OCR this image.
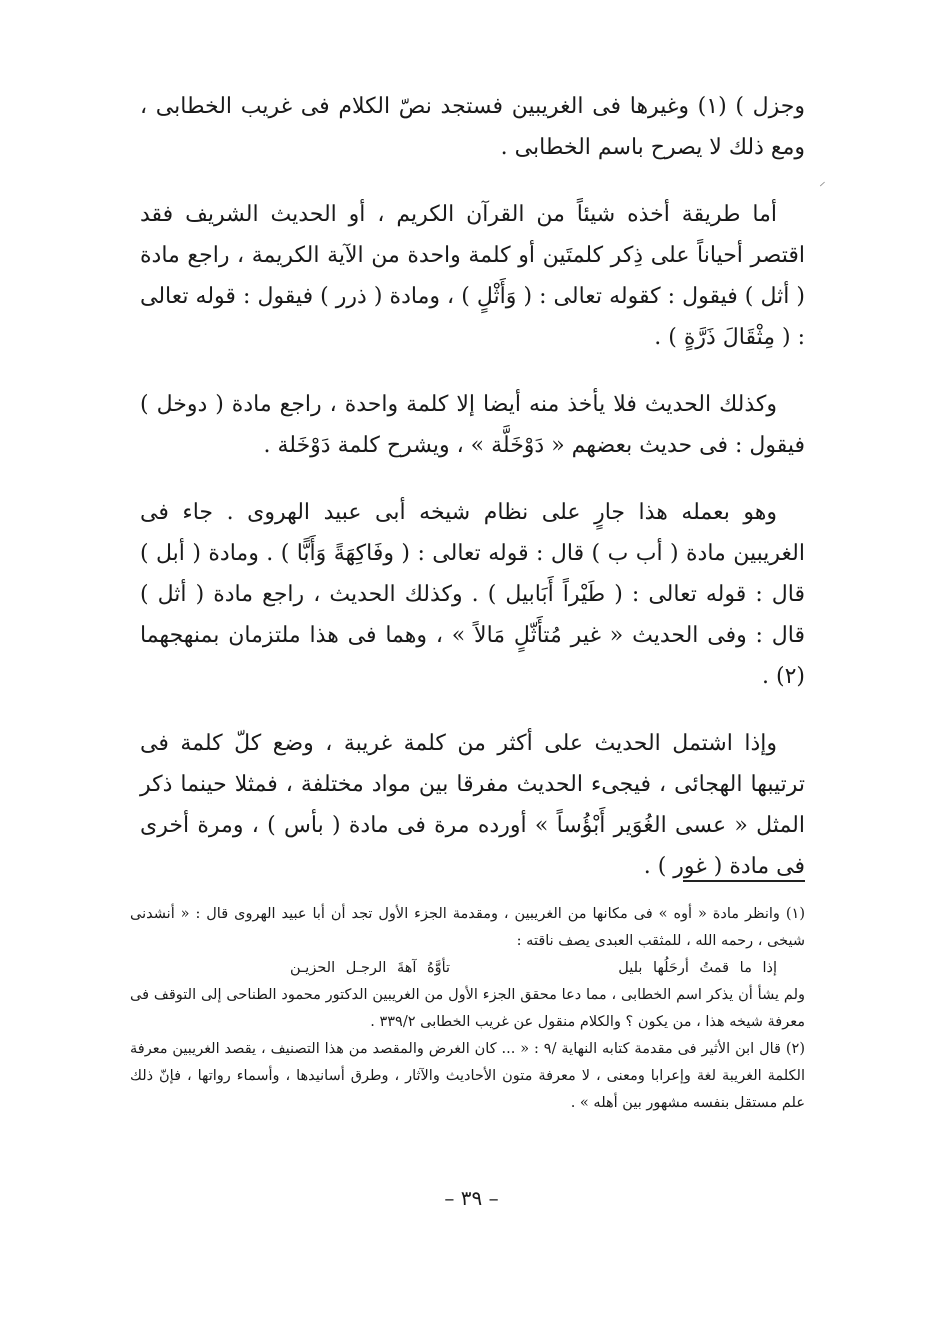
وجزل ) (١) وغيرها فى الغريبين فستجد نصّ الكلام فى غريب الخطابى ، ومع ذلك لا يصرح باسم الخطابى .

أما طريقة أخذه شيئاً من القرآن الكريم ، أو الحديث الشريف فقد اقتصر أحياناً على ذِكر كلمتَين أو كلمة واحدة من الآية الكريمة ، راجع مادة ( أثل ) فيقول : كقوله تعالى : ( وَأَثْلٍ ) ، ومادة ( ذرر ) فيقول : قوله تعالى : ( مِثْقَالَ ذَرَّةٍ ) .

وكذلك الحديث فلا يأخذ منه أيضا إلا كلمة واحدة ، راجع مادة ( دوخل ) فيقول : فى حديث بعضهم « دَوْخَلَّة » ، ويشرح كلمة دَوْخَلة .

وهو بعمله هذا جارٍ على نظام شيخه أبى عبيد الهروى . جاء فى الغريبين مادة ( أب ب ) قال : قوله تعالى : ( وفَاكِهَةً وَأَبًّا ) . ومادة ( أبل ) قال : قوله تعالى : ( طَيْراً أَبَابيل ) . وكذلك الحديث ، راجع مادة ( أثل ) قال : وفى الحديث « غير مُتأَثّلٍ مَالاً » ، وهما فى هذا ملتزمان بمنهجهما (٢) .

وإذا اشتمل الحديث على أكثر من كلمة غريبة ، وضع كلّ كلمة فى ترتيبها الهجائى ، فيجىء الحديث مفرقا بين مواد مختلفة ، فمثلا حينما ذكر المثل « عسى الغُوَير أَبْؤُساً » أورده مرة فى مادة ( بأس ) ، ومرة أخرى فى مادة ( غور ) .

ᐟ

(١) وانظر مادة « أوه » فى مكانها من الغريبين ، ومقدمة الجزء الأول تجد أن أبا عبيد الهروى قال : « أنشدنى شيخى ، رحمه الله ، للمثقب العبدى يصف ناقته :

إذا ما قمتُ أرحَلُها بليل
تأوَّهُ آهةَ الرجـل الحزيـن

ولم يشأ أن يذكر اسم الخطابى ، مما دعا محقق الجزء الأول من الغريبين الدكتور محمود الطناحى إلى التوقف فى معرفة شيخه هذا ، من يكون ؟ والكلام منقول عن غريب الخطابى ٣٣٩/٢ .

(٢) قال ابن الأثير فى مقدمة كتابه النهاية /٩ : « ... كان الغرض والمقصد من هذا التصنيف ، يقصد الغريبين معرفة الكلمة الغريبة لغة وإعرابا ومعنى ، لا معرفة متون الأحاديث والآثار ، وطرق أسانيدها ، وأسماء رواتها ، فإنّ ذلك علم مستقل بنفسه مشهور بين أهله » .

– ٣٩ –
